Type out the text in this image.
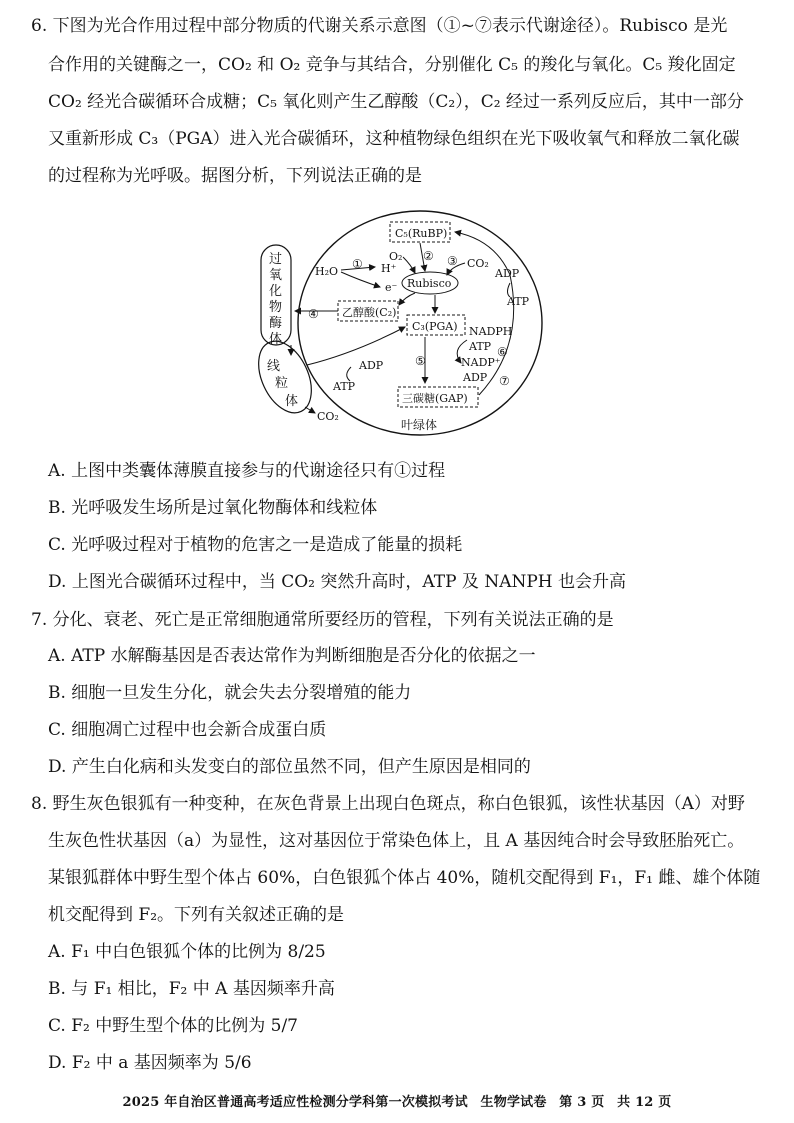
6. 下图为光合作用过程中部分物质的代谢关系示意图（①~⑦表示代谢途径）。Rubisco 是光
合作用的关键酶之一，CO₂ 和 O₂ 竞争与其结合，分别催化 C₅ 的羧化与氧化。C₅ 羧化固定
CO₂ 经光合碳循环合成糖；C₅ 氧化则产生乙醇酸（C₂），C₂ 经过一系列反应后，其中一部分
又重新形成 C₃（PGA）进入光合碳循环，这种植物绿色组织在光下吸收氧气和释放二氧化碳
的过程称为光呼吸。据图分析，下列说法正确的是
过
氧
化
物
酶
体
线
粒
体
C₅(RuBP)
Rubisco
乙醇酸(C₂)
C₃(PGA)
三碳糖(GAP)
H₂O	H⁺
e⁻
O₂
CO₂
ADP
ATP
NADPH
ATP
NADP⁺
ADP
ADP
ATP
CO₂
叶绿体
①
② ③
④
⑤
⑥
⑦
A. 上图中类囊体薄膜直接参与的代谢途径只有①过程
B. 光呼吸发生场所是过氧化物酶体和线粒体
C. 光呼吸过程对于植物的危害之一是造成了能量的损耗
D. 上图光合碳循环过程中，当 CO₂ 突然升高时，ATP 及 NANPH 也会升高
7. 分化、衰老、死亡是正常细胞通常所要经历的管程，下列有关说法正确的是
A. ATP 水解酶基因是否表达常作为判断细胞是否分化的依据之一
B. 细胞一旦发生分化，就会失去分裂增殖的能力
C. 细胞凋亡过程中也会新合成蛋白质
D. 产生白化病和头发变白的部位虽然不同，但产生原因是相同的
8. 野生灰色银狐有一种变种，在灰色背景上出现白色斑点，称白色银狐，该性状基因（A）对野
生灰色性状基因（a）为显性，这对基因位于常染色体上，且 A 基因纯合时会导致胚胎死亡。
某银狐群体中野生型个体占 60%，白色银狐个体占 40%，随机交配得到 F₁，F₁ 雌、雄个体随
机交配得到 F₂。下列有关叙述正确的是
A. F₁ 中白色银狐个体的比例为 8/25
B. 与 F₁ 相比，F₂ 中 A 基因频率升高
C. F₂ 中野生型个体的比例为 5/7
D. F₂ 中 a 基因频率为 5/6
2025 年自治区普通高考适应性检测分学科第一次模拟考试 生物学试卷 第 3 页 共 12 页
